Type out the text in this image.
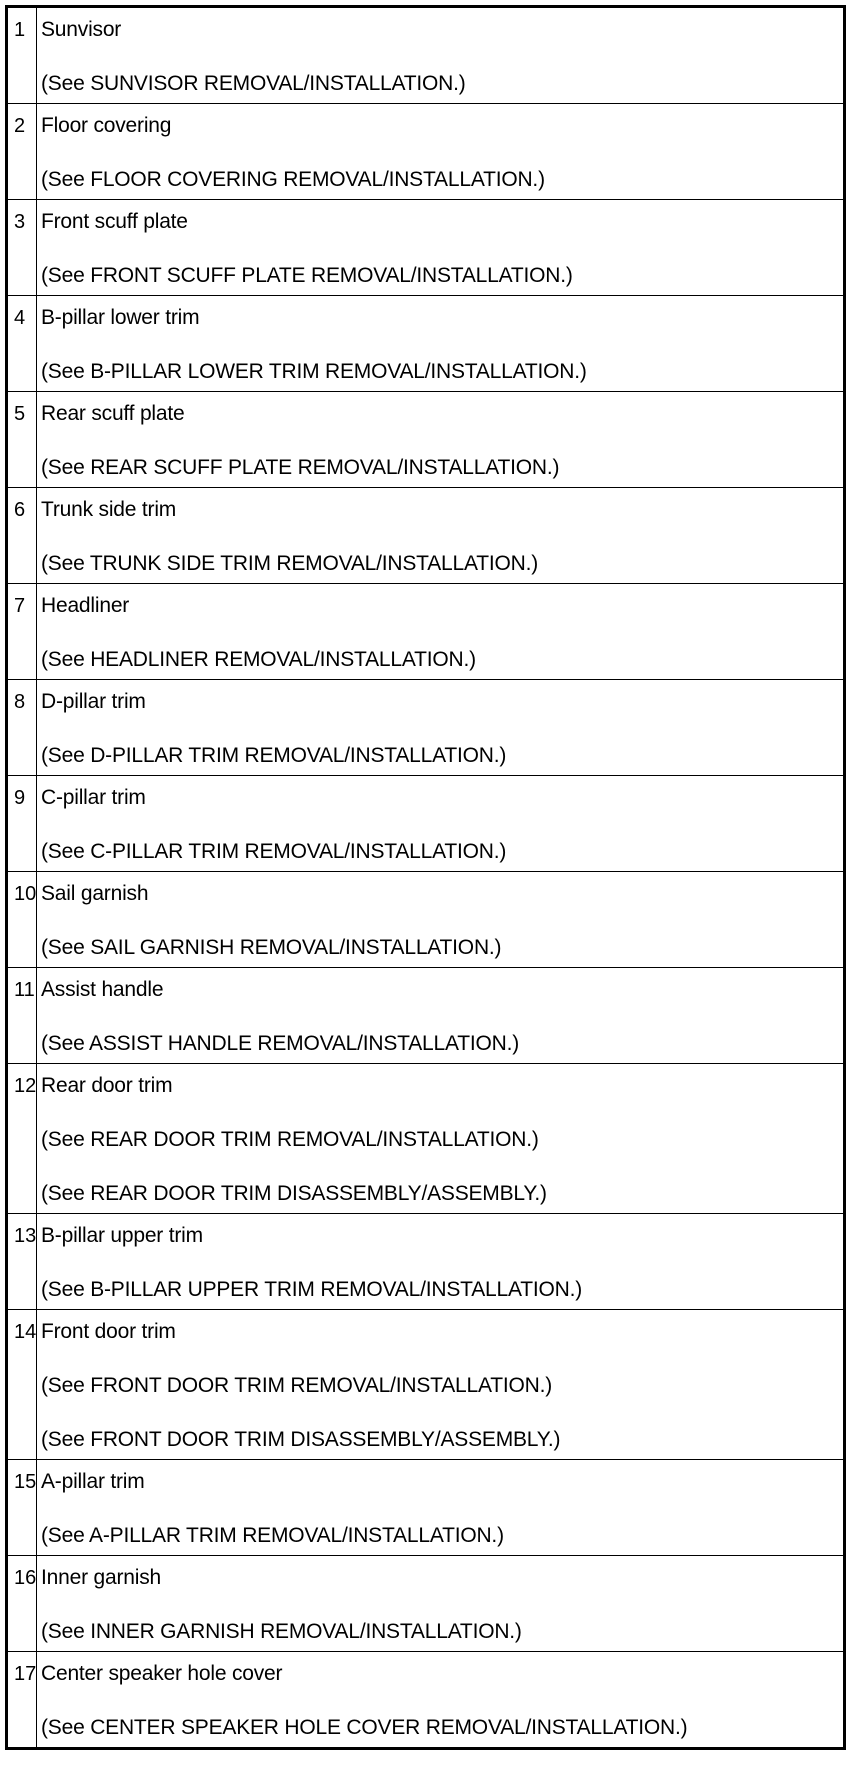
1	Sunvisor
(See SUNVISOR REMOVAL/INSTALLATION.)

2	Floor covering
(See FLOOR COVERING REMOVAL/INSTALLATION.)

3	Front scuff plate
(See FRONT SCUFF PLATE REMOVAL/INSTALLATION.)

4	B-pillar lower trim
(See B-PILLAR LOWER TRIM REMOVAL/INSTALLATION.)

5	Rear scuff plate
(See REAR SCUFF PLATE REMOVAL/INSTALLATION.)

6	Trunk side trim
(See TRUNK SIDE TRIM REMOVAL/INSTALLATION.)

7	Headliner
(See HEADLINER REMOVAL/INSTALLATION.)

8	D-pillar trim
(See D-PILLAR TRIM REMOVAL/INSTALLATION.)

9	C-pillar trim
(See C-PILLAR TRIM REMOVAL/INSTALLATION.)

10	Sail garnish
(See SAIL GARNISH REMOVAL/INSTALLATION.)

11	Assist handle
(See ASSIST HANDLE REMOVAL/INSTALLATION.)

12	Rear door trim
(See REAR DOOR TRIM REMOVAL/INSTALLATION.)
(See REAR DOOR TRIM DISASSEMBLY/ASSEMBLY.)

13	B-pillar upper trim
(See B-PILLAR UPPER TRIM REMOVAL/INSTALLATION.)

14	Front door trim
(See FRONT DOOR TRIM REMOVAL/INSTALLATION.)
(See FRONT DOOR TRIM DISASSEMBLY/ASSEMBLY.)

15	A-pillar trim
(See A-PILLAR TRIM REMOVAL/INSTALLATION.)

16	Inner garnish
(See INNER GARNISH REMOVAL/INSTALLATION.)

17	Center speaker hole cover
(See CENTER SPEAKER HOLE COVER REMOVAL/INSTALLATION.)
